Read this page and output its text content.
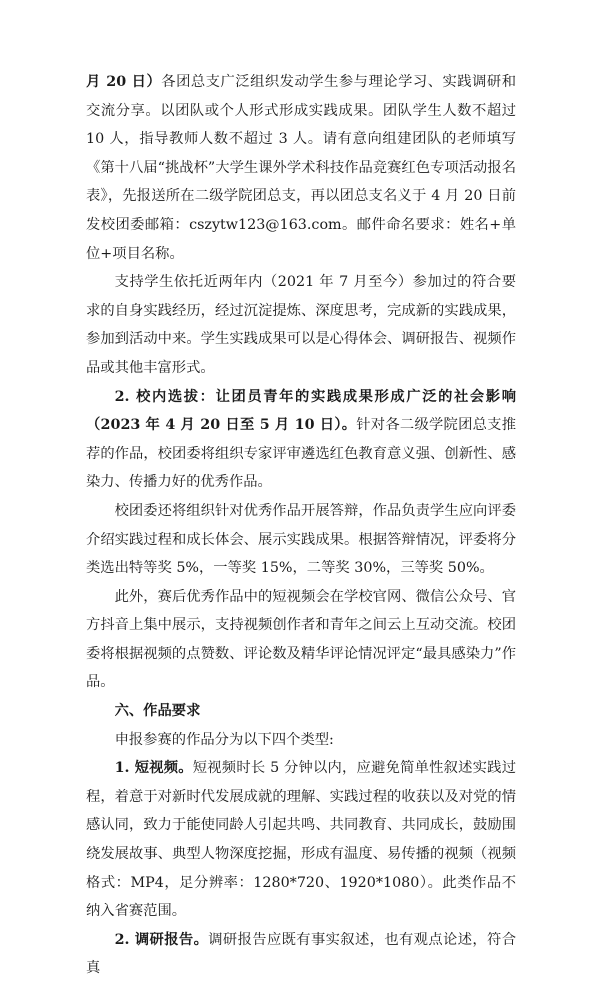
月 20 日）各团总支广泛组织发动学生参与理论学习、实践调研和交流分享。以团队或个人形式形成实践成果。团队学生人数不超过 10 人，指导教师人数不超过 3 人。请有意向组建团队的老师填写《第十八届“挑战杯”大学生课外学术科技作品竞赛红色专项活动报名表》，先报送所在二级学院团总支，再以团总支名义于 4 月 20 日前发校团委邮箱：cszytw123@163.com。邮件命名要求：姓名+单位+项目名称。

支持学生依托近两年内（2021 年 7 月至今）参加过的符合要求的自身实践经历，经过沉淀提炼、深度思考，完成新的实践成果，参加到活动中来。学生实践成果可以是心得体会、调研报告、视频作品或其他丰富形式。

2. 校内选拔：让团员青年的实践成果形成广泛的社会影响（2023 年 4 月 20 日至 5 月 10 日）。针对各二级学院团总支推荐的作品，校团委将组织专家评审遴选红色教育意义强、创新性、感染力、传播力好的优秀作品。

校团委还将组织针对优秀作品开展答辩，作品负责学生应向评委介绍实践过程和成长体会、展示实践成果。根据答辩情况，评委将分类选出特等奖 5%，一等奖 15%，二等奖 30%，三等奖 50%。

此外，赛后优秀作品中的短视频会在学校官网、微信公众号、官方抖音上集中展示，支持视频创作者和青年之间云上互动交流。校团委将根据视频的点赞数、评论数及精华评论情况评定“最具感染力”作品。

六、作品要求

申报参赛的作品分为以下四个类型:

1. 短视频。短视频时长 5 分钟以内，应避免简单性叙述实践过程，着意于对新时代发展成就的理解、实践过程的收获以及对党的情感认同，致力于能使同龄人引起共鸣、共同教育、共同成长，鼓励围绕发展故事、典型人物深度挖掘，形成有温度、易传播的视频（视频格式：MP4，足分辨率：1280*720、1920*1080）。此类作品不纳入省赛范围。

2. 调研报告。调研报告应既有事实叙述，也有观点论述，符合真
